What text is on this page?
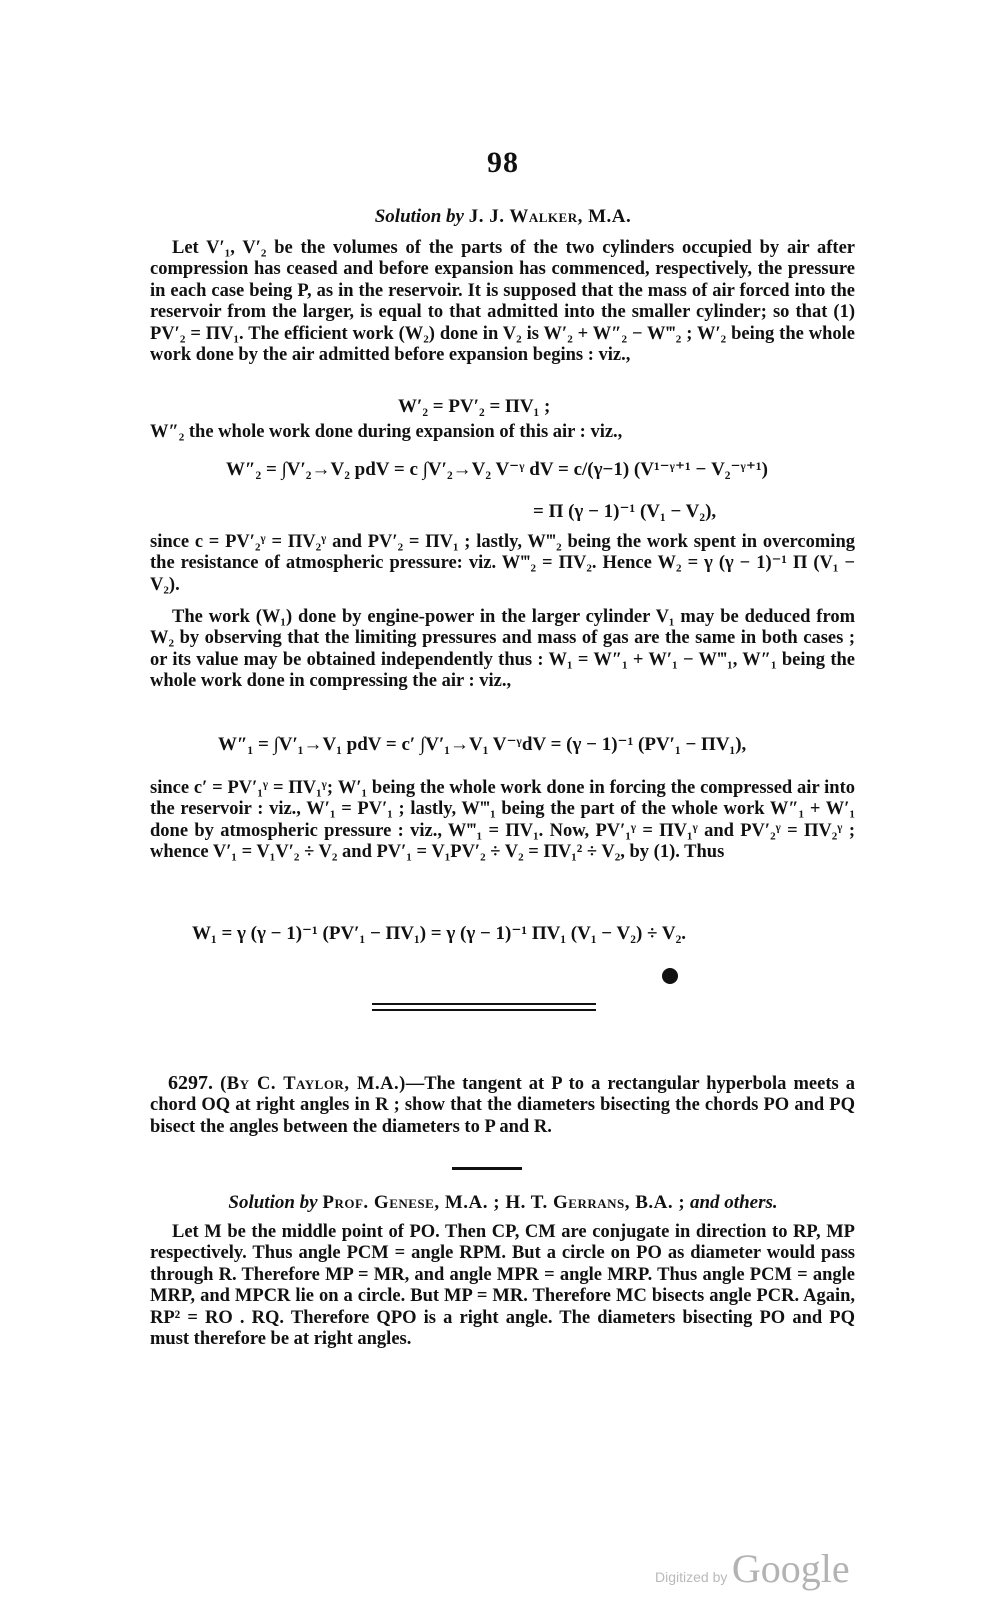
98
Solution by J. J. Walker, M.A.

Let V′₁, V′₂ be the volumes of the parts of the two cylinders occupied by air after compression has ceased and before expansion has commenced, respectively, the pressure in each case being P, as in the reservoir. It is supposed that the mass of air forced into the reservoir from the larger, is equal to that admitted into the smaller cylinder; so that (1) PV′₂ = ΠV₁. The efficient work (W₂) done in V₂ is W′₂ + W″₂ − W‴₂ ; W′₂ being the whole work done by the air admitted before expansion begins : viz.,

W′₂ = PV′₂ = ΠV₁ ;

W″₂ the whole work done during expansion of this air : viz.,

W″₂ = ∫V′₂→V₂ pdV = c ∫V′₂→V₂ V⁻ᵞ dV = c/(γ−1) (V¹⁻ᵞ⁺¹ − V₂⁻ᵞ⁺¹)
= Π (γ − 1)⁻¹ (V₁ − V₂),

since c = PV′₂ᵞ = ΠV₂ᵞ and PV′₂ = ΠV₁ ; lastly, W‴₂ being the work spent in overcoming the resistance of atmospheric pressure: viz. W‴₂ = ΠV₂. Hence W₂ = γ (γ − 1)⁻¹ Π (V₁ − V₂).

The work (W₁) done by engine-power in the larger cylinder V₁ may be deduced from W₂ by observing that the limiting pressures and mass of gas are the same in both cases ; or its value may be obtained independently thus : W₁ = W″₁ + W′₁ − W‴₁, W″₁ being the whole work done in compressing the air : viz.,

W″₁ = ∫V′₁→V₁ pdV = c′ ∫V′₁→V₁ V⁻ᵞdV = (γ − 1)⁻¹ (PV′₁ − ΠV₁),

since c′ = PV′₁ᵞ = ΠV₁ᵞ; W′₁ being the whole work done in forcing the compressed air into the reservoir : viz., W′₁ = PV′₁ ; lastly, W‴₁ being the part of the whole work W″₁ + W′₁ done by atmospheric pressure : viz., W‴₁ = ΠV₁. Now, PV′₁ᵞ = ΠV₁ᵞ and PV′₂ᵞ = ΠV₂ᵞ ; whence V′₁ = V₁V′₂ ÷ V₂ and PV′₁ = V₁PV′₂ ÷ V₂ = ΠV₁² ÷ V₂, by (1). Thus

W₁ = γ (γ − 1)⁻¹ (PV′₁ − ΠV₁) = γ (γ − 1)⁻¹ ΠV₁ (V₁ − V₂) ÷ V₂.

6297. (By C. Taylor, M.A.)—The tangent at P to a rectangular hyperbola meets a chord OQ at right angles in R ; show that the diameters bisecting the chords PO and PQ bisect the angles between the diameters to P and R.

Solution by Prof. Genese, M.A. ; H. T. Gerrans, B.A. ; and others.

Let M be the middle point of PO. Then CP, CM are conjugate in direction to RP, MP respectively. Thus angle PCM = angle RPM. But a circle on PO as diameter would pass through R. Therefore MP = MR, and angle MPR = angle MRP. Thus angle PCM = angle MRP, and MPCR lie on a circle. But MP = MR. Therefore MC bisects angle PCR. Again, RP² = RO . RQ. Therefore QPO is a right angle. The diameters bisecting PO and PQ must therefore be at right angles.

Digitized by Google
